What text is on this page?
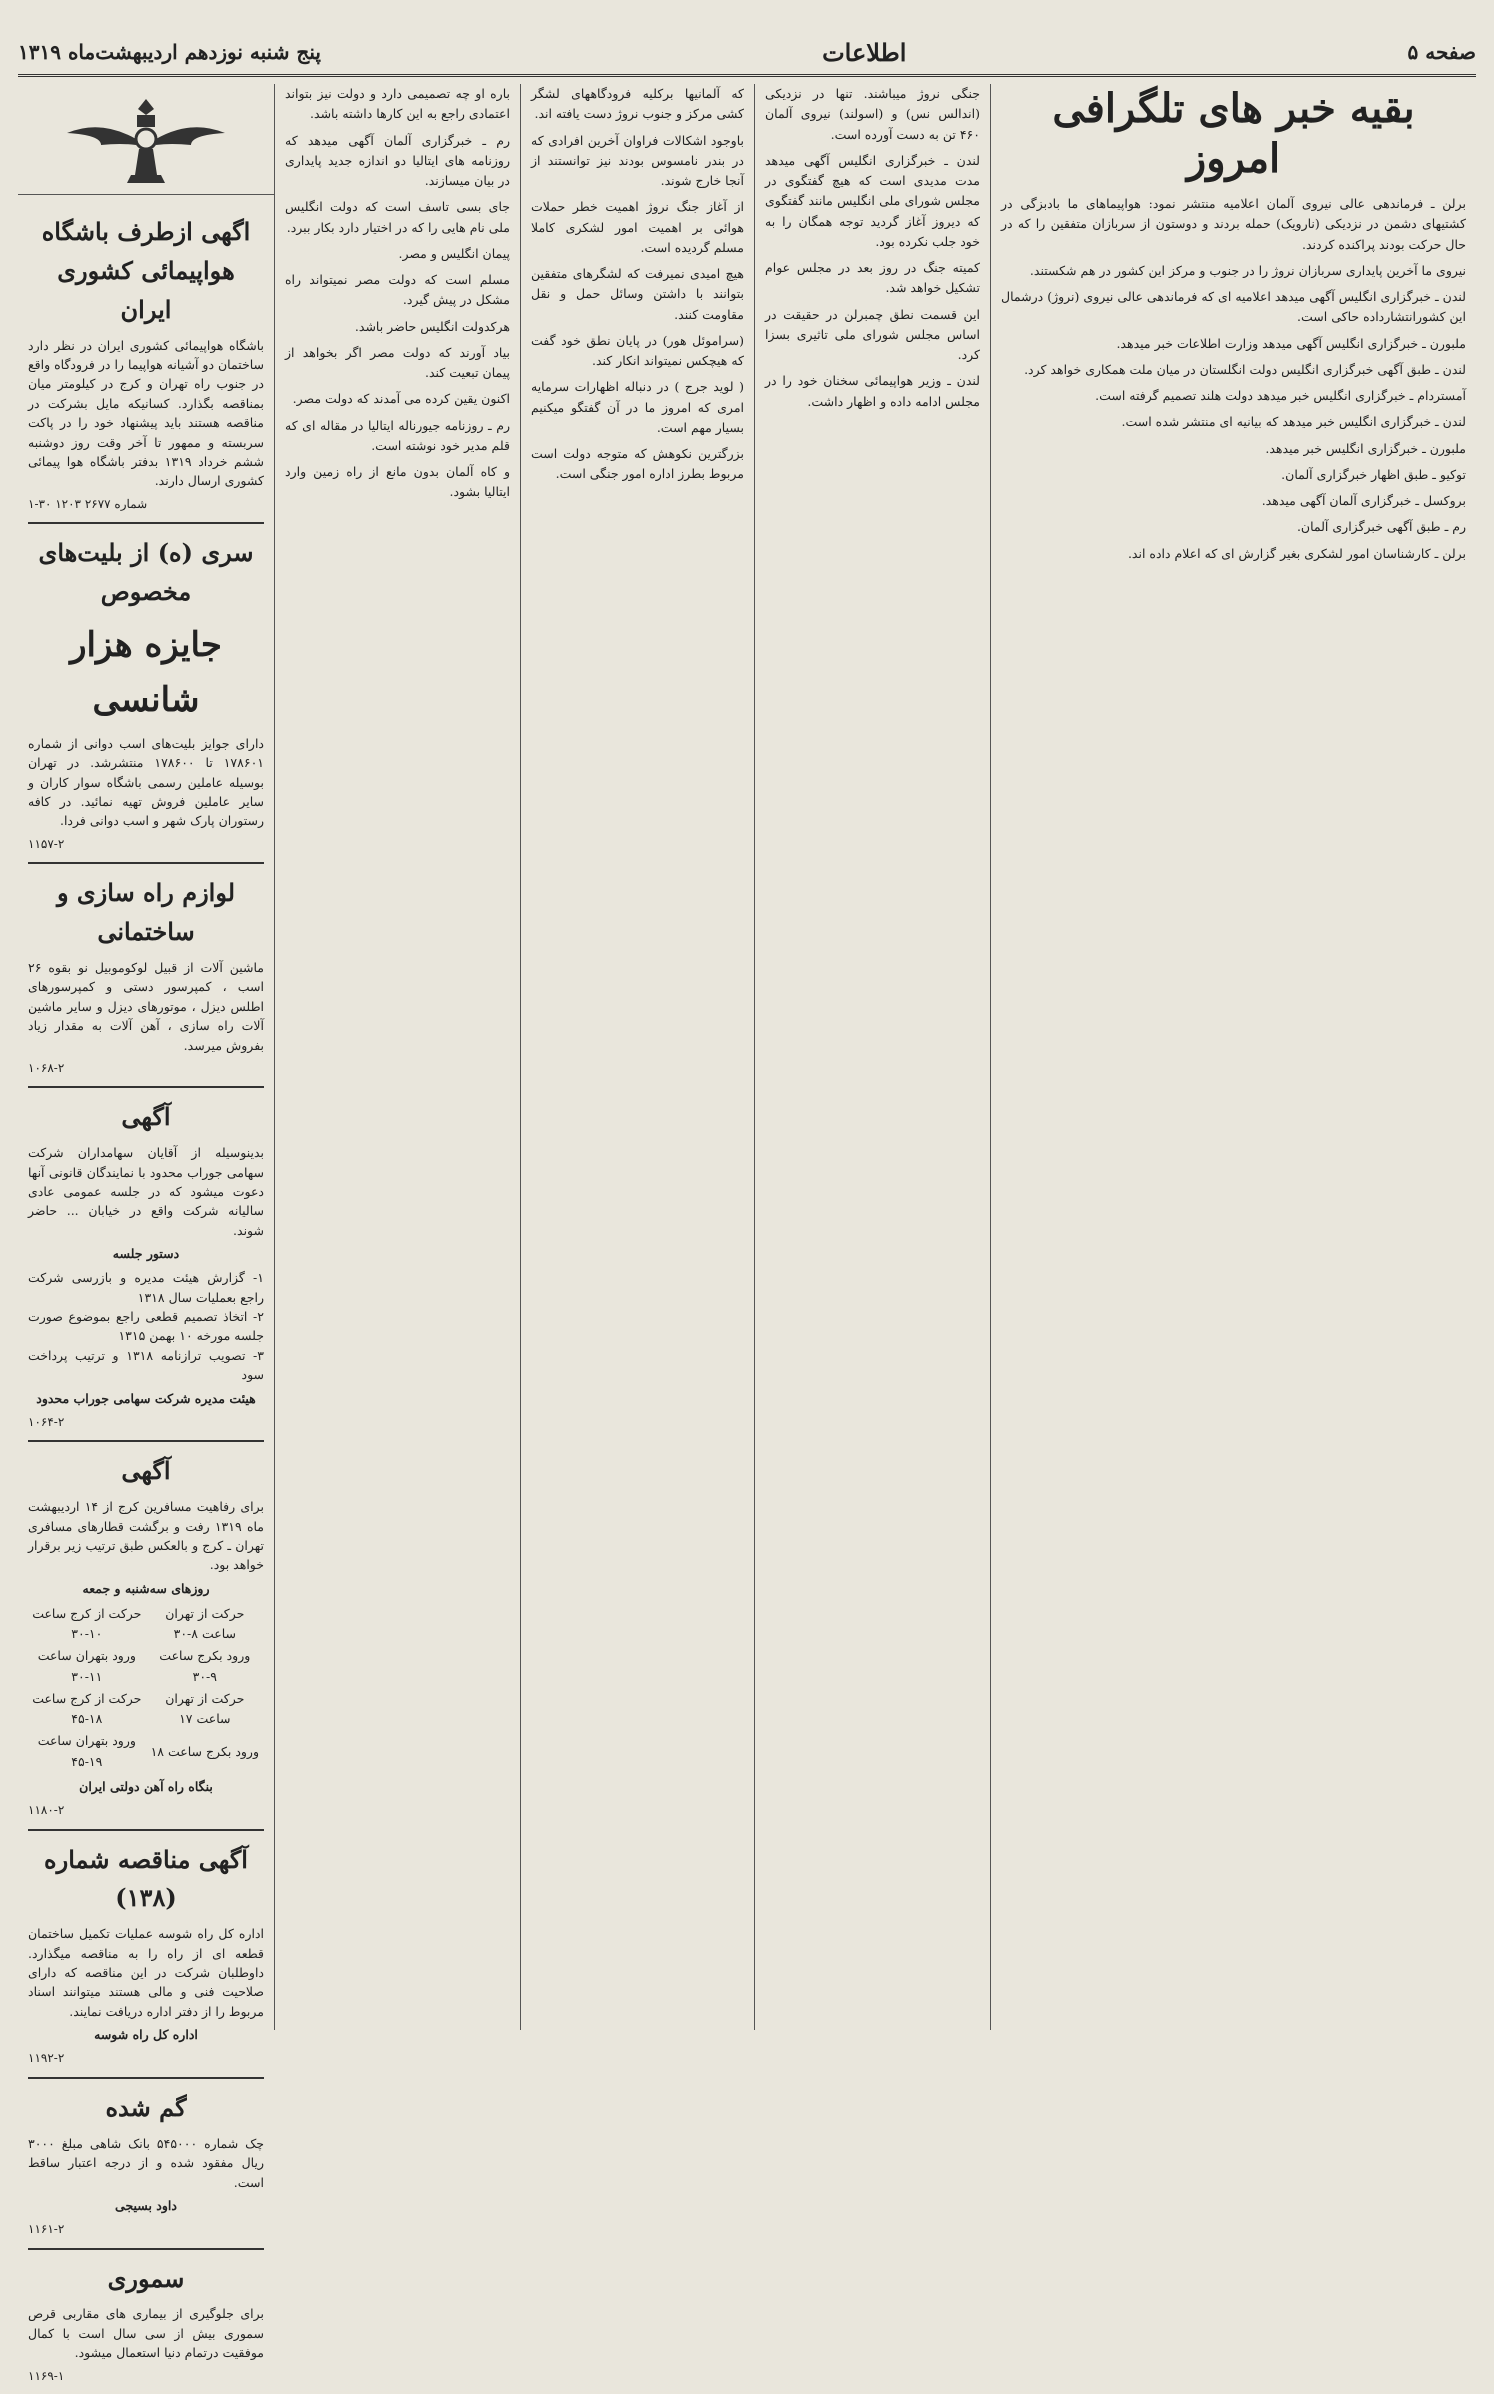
صفحه ۵
اطلاعات
پنج شنبه نوزدهم اردیبهشت‌ماه ۱۳۱۹
بقیه خبر های تلگرافی امروز

برلن ـ فرماندهی عالی نیروی آلمان اعلامیه منتشر نمود: هواپیماهای ما بادبزگی در کشتیهای دشمن در نزدیکی (نارویک) حمله بردند و دوستون از سربازان متفقین را که در حال حرکت بودند پراکنده کردند.

نیروی ما آخرین پایداری سربازان نروژ را در جنوب و مرکز این کشور در هم شکستند.

لندن ـ خبرگزاری انگلیس آگهی میدهد اعلامیه ای که فرماندهی عالی نیروی (نروژ) درشمال این کشورانتشارداده حاکی است.

ملبورن ـ خبرگزاری انگلیس آگهی میدهد وزارت اطلاعات خبر میدهد.

لندن ـ طبق آگهی خبرگزاری انگلیس دولت انگلستان در میان ملت همکاری خواهد کرد.

آمستردام ـ خبرگزاری انگلیس خبر میدهد دولت هلند تصمیم گرفته است.

لندن ـ خبرگزاری انگلیس خبر میدهد که بیانیه ای منتشر شده است.

ملبورن ـ خبرگزاری انگلیس خبر میدهد.

توکیو ـ طبق اظهار خبرگزاری آلمان.

بروکسل ـ خبرگزاری آلمان آگهی میدهد.

رم ـ طبق آگهی خبرگزاری آلمان.

برلن ـ کارشناسان امور لشکری بغیر گزارش ای که اعلام داده اند.

جنگی نروژ میباشند. تنها در نزدیکی (اندالس نس) و (اسولند) نیروی آلمان ۴۶۰ تن به دست آورده است.

لندن ـ خبرگزاری انگلیس آگهی میدهد مدت مدیدی است که هیچ گفتگوی در مجلس شورای ملی انگلیس مانند گفتگوی که دیروز آغاز گردید توجه همگان را به خود جلب نکرده بود.

کمیته جنگ در روز بعد در مجلس عوام تشکیل خواهد شد.

این قسمت نطق چمبرلن در حقیقت در اساس مجلس شورای ملی تاثیری بسزا کرد.

لندن ـ وزیر هواپیمائی سخنان خود را در مجلس ادامه داده و اظهار داشت.

که آلمانیها برکلیه فرودگاههای لشگر کشی مرکز و جنوب نروژ دست یافته اند.

باوجود اشکالات فراوان آخرین افرادی که در بندر نامسوس بودند نیز توانستند از آنجا خارج شوند.

از آغاز جنگ نروژ اهمیت خطر حملات هوائی بر اهمیت امور لشکری کاملا مسلم گردیده است.

هیچ امیدی نمیرفت که لشگرهای متفقین بتوانند با داشتن وسائل حمل و نقل مقاومت کنند.

(سراموئل هور) در پایان نطق خود گفت که هیچکس نمیتواند انکار کند.

( لوید جرج ) در دنباله اظهارات سرمایه امری که امروز ما در آن گفتگو میکنیم بسیار مهم است.

بزرگترین نکوهش که متوجه دولت است مربوط بطرز اداره امور جنگی است.

باره او چه تصمیمی دارد و دولت نیز بتواند اعتمادی راجع به این کارها داشته باشد.

رم ـ خبرگزاری آلمان آگهی میدهد که روزنامه های ایتالیا دو اندازه جدید پایداری در بیان میسازند.

جای بسی تاسف است که دولت انگلیس ملی نام هایی را که در اختیار دارد بکار ببرد.

پیمان انگلیس و مصر.

مسلم است که دولت مصر نمیتواند راه مشکل در پیش گیرد.

هرکدولت انگلیس حاضر باشد.

بیاد آورند که دولت مصر اگر بخواهد از پیمان تبعیت کند.

اکنون یقین کرده می آمدند که دولت مصر.

رم ـ روزنامه جیورناله ایتالیا در مقاله ای که قلم مدیر خود نوشته است.

و کاه آلمان بدون مانع از راه زمین وارد ایتالیا بشود.

اگهی ازطرف باشگاه هواپیمائی کشوری ایران
باشگاه هواپیمائی کشوری ایران در نظر دارد ساختمان دو آشیانه هواپیما را در فرودگاه واقع در جنوب راه تهران و کرج در کیلومتر میان بمناقصه بگذارد. کسانیکه مایل بشرکت در مناقصه هستند باید پیشنهاد خود را در پاکت سربسته و ممهور تا آخر وقت روز دوشنبه ششم خرداد ۱۳۱۹ بدفتر باشگاه هوا پیمائی کشوری ارسال دارند.
۱-۳۰ ۱۲۰۳ شماره ۲۶۷۷
سری (ه) از بلیت‌های مخصوص
جایزه هزار شانسی
دارای جوایز بلیت‌های اسب دوانی از شماره ۱۷۸۶۰۱ تا ۱۷۸۶۰۰ منتشرشد. در تهران بوسیله عاملین رسمی باشگاه سوار کاران و سایر عاملین فروش تهیه نمائید. در کافه رستوران پارک شهر و اسب دوانی فردا.
۱۱۵۷-۲
لوازم راه سازی و ساختمانی
ماشین آلات از قبیل لوکوموبیل نو بقوه ۲۶ اسب ، کمپرسور دستی و کمپرسورهای اطلس دیزل ، موتورهای دیزل و سایر ماشین آلات راه سازی ، آهن آلات به مقدار زیاد بفروش میرسد.
۱۰۶۸-۲
آگهی
بدینوسیله از آقایان سهامداران شرکت سهامی جوراب محدود با نمایندگان قانونی آنها دعوت میشود که در جلسه عمومی عادی سالیانه شرکت واقع در خیابان ... حاضر شوند.
دستور جلسه
۱- گزارش هیئت مدیره و بازرسی شرکت راجع بعملیات سال ۱۳۱۸
۲- اتخاذ تصمیم قطعی راجع بموضوع صورت جلسه مورخه ۱۰ بهمن ۱۳۱۵
۳- تصویب ترازنامه ۱۳۱۸ و ترتیب پرداخت سود
هیئت مدیره شرکت سهامی جوراب محدود
۱۰۶۴-۲
آگهی
برای رفاهیت مسافرین کرج از ۱۴ اردیبهشت ماه ۱۳۱۹ رفت و برگشت قطارهای مسافری تهران ـ کرج و بالعکس طبق ترتیب زیر برقرار خواهد بود.
روزهای سه‌شنبه و جمعه
حرکت از تهران ساعت ۸-۳۰	حرکت از کرج ساعت ۱۰-۳۰
ورود بکرج ساعت ۹-۳۰	ورود بتهران ساعت ۱۱-۳۰
حرکت از تهران ساعت ۱۷	حرکت از کرج ساعت ۱۸-۴۵
ورود بکرج ساعت ۱۸	ورود بتهران ساعت ۱۹-۴۵
بنگاه راه آهن دولتی ایران
۱۱۸۰-۲
آگهی مناقصه شماره (۱۳۸)
اداره کل راه شوسه عملیات تکمیل ساختمان قطعه ای از راه را به مناقصه میگذارد. داوطلبان شرکت در این مناقصه که دارای صلاحیت فنی و مالی هستند میتوانند اسناد مربوط را از دفتر اداره دریافت نمایند.
اداره کل راه شوسه
۱۱۹۲-۲
گم شده
چک شماره ۵۴۵۰۰۰ بانک شاهی مبلغ ۳۰۰۰ ریال مفقود شده و از درجه اعتبار ساقط است.
داود بسیجی
۱۱۶۱-۲
سموری
برای جلوگیری از بیماری های مقاربی قرص سموری بیش از سی سال است با کمال موفقیت درتمام دنیا استعمال میشود.
۱۱۶۹-۱
